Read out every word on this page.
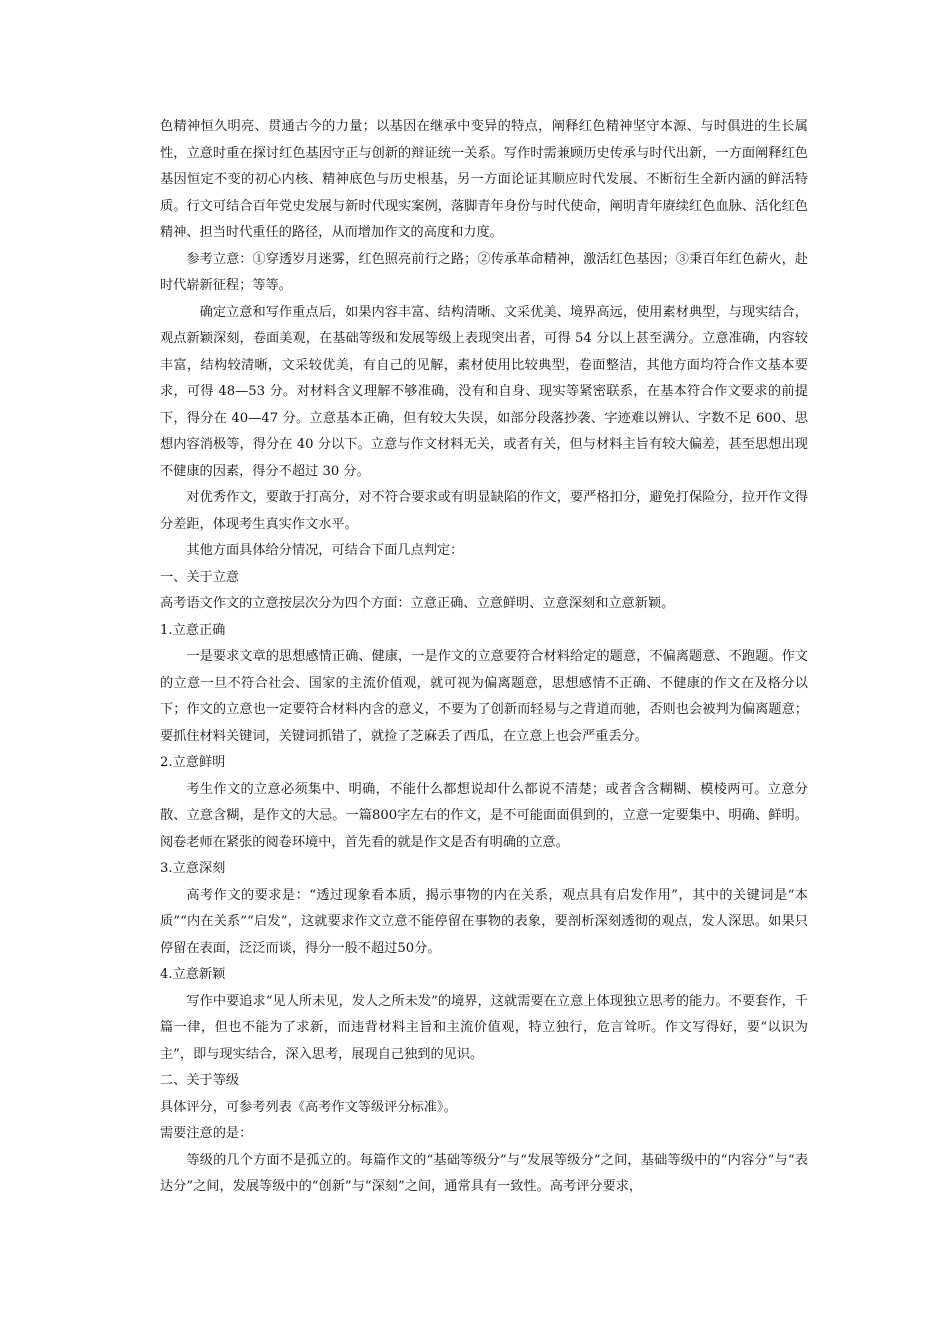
色精神恒久明亮、贯通古今的力量；以基因在继承中变异的特点，阐释红色精神坚守本源、与时俱进的生长属性，立意时重在探讨红色基因守正与创新的辩证统一关系。写作时需兼顾历史传承与时代出新，一方面阐释红色基因恒定不变的初心内核、精神底色与历史根基，另一方面论证其顺应时代发展、不断衍生全新内涵的鲜活特质。行文可结合百年党史发展与新时代现实案例，落脚青年身份与时代使命，阐明青年赓续红色血脉、活化红色精神、担当时代重任的路径，从而增加作文的高度和力度。

参考立意：①穿透岁月迷雾，红色照亮前行之路；②传承革命精神，激活红色基因；③秉百年红色薪火，赴时代崭新征程；等等。

确定立意和写作重点后，如果内容丰富、结构清晰、文采优美、境界高远，使用素材典型，与现实结合，观点新颖深刻，卷面美观，在基础等级和发展等级上表现突出者，可得 54 分以上甚至满分。立意准确，内容较丰富，结构较清晰，文采较优美，有自己的见解，素材使用比较典型，卷面整洁，其他方面均符合作文基本要求，可得 48—53 分。对材料含义理解不够准确，没有和自身、现实等紧密联系，在基本符合作文要求的前提下，得分在 40—47 分。立意基本正确，但有较大失误，如部分段落抄袭、字迹难以辨认、字数不足 600、思想内容消极等，得分在 40 分以下。立意与作文材料无关，或者有关，但与材料主旨有较大偏差，甚至思想出现不健康的因素，得分不超过 30 分。

对优秀作文，要敢于打高分，对不符合要求或有明显缺陷的作文，要严格扣分，避免打保险分，拉开作文得分差距，体现考生真实作文水平。

其他方面具体给分情况，可结合下面几点判定：

一、关于立意

高考语文作文的立意按层次分为四个方面：立意正确、立意鲜明、立意深刻和立意新颖。

1.立意正确

一是要求文章的思想感情正确、健康，一是作文的立意要符合材料给定的题意，不偏离题意、不跑题。作文的立意一旦不符合社会、国家的主流价值观，就可视为偏离题意，思想感情不正确、不健康的作文在及格分以下；作文的立意也一定要符合材料内含的意义，不要为了创新而轻易与之背道而驰，否则也会被判为偏离题意；要抓住材料关键词，关键词抓错了，就捡了芝麻丢了西瓜，在立意上也会严重丢分。

2.立意鲜明

考生作文的立意必须集中、明确，不能什么都想说却什么都说不清楚；或者含含糊糊、模棱两可。立意分散、立意含糊，是作文的大忌。一篇800字左右的作文，是不可能面面俱到的，立意一定要集中、明确、鲜明。阅卷老师在紧张的阅卷环境中，首先看的就是作文是否有明确的立意。

3.立意深刻

高考作文的要求是：“透过现象看本质，揭示事物的内在关系，观点具有启发作用”，其中的关键词是“本质”“内在关系”“启发”，这就要求作文立意不能停留在事物的表象，要剖析深刻透彻的观点，发人深思。如果只停留在表面，泛泛而谈，得分一般不超过50分。

4.立意新颖

写作中要追求“见人所未见，发人之所未发”的境界，这就需要在立意上体现独立思考的能力。不要套作，千篇一律，但也不能为了求新，而违背材料主旨和主流价值观，特立独行，危言耸听。作文写得好，要“以识为主”，即与现实结合，深入思考，展现自己独到的见识。

二、关于等级

具体评分，可参考列表《高考作文等级评分标准》。

需要注意的是：

等级的几个方面不是孤立的。每篇作文的“基础等级分”与“发展等级分”之间，基础等级中的“内容分”与“表达分”之间，发展等级中的“创新”与“深刻”之间，通常具有一致性。高考评分要求，
